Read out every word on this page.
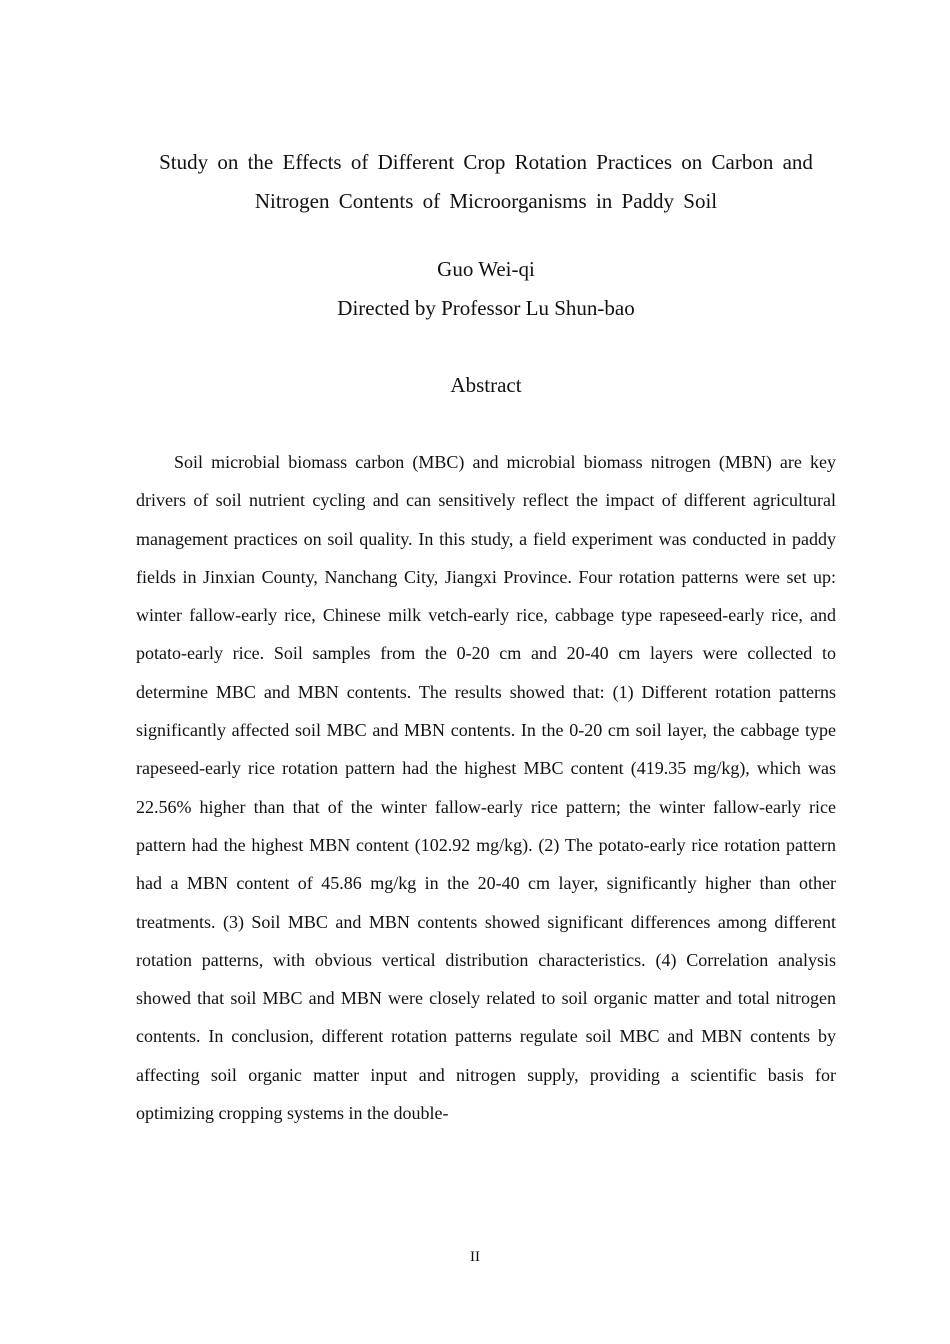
Study on the Effects of Different Crop Rotation Practices on Carbon and Nitrogen Contents of Microorganisms in Paddy Soil

Guo Wei-qi

Directed by Professor Lu Shun-bao

Abstract

Soil microbial biomass carbon (MBC) and microbial biomass nitrogen (MBN) are key drivers of soil nutrient cycling and can sensitively reflect the impact of different agricultural management practices on soil quality. In this study, a field experiment was conducted in paddy fields in Jinxian County, Nanchang City, Jiangxi Province. Four rotation patterns were set up: winter fallow-early rice, Chinese milk vetch-early rice, cabbage type rapeseed-early rice, and potato-early rice. Soil samples from the 0-20 cm and 20-40 cm layers were collected to determine MBC and MBN contents. The results showed that: (1) Different rotation patterns significantly affected soil MBC and MBN contents. In the 0-20 cm soil layer, the cabbage type rapeseed-early rice rotation pattern had the highest MBC content (419.35 mg/kg), which was 22.56% higher than that of the winter fallow-early rice pattern; the winter fallow-early rice pattern had the highest MBN content (102.92 mg/kg). (2) The potato-early rice rotation pattern had a MBN content of 45.86 mg/kg in the 20-40 cm layer, significantly higher than other treatments. (3) Soil MBC and MBN contents showed significant differences among different rotation patterns, with obvious vertical distribution characteristics. (4) Correlation analysis showed that soil MBC and MBN were closely related to soil organic matter and total nitrogen contents. In conclusion, different rotation patterns regulate soil MBC and MBN contents by affecting soil organic matter input and nitrogen supply, providing a scientific basis for optimizing cropping systems in the double-

II
